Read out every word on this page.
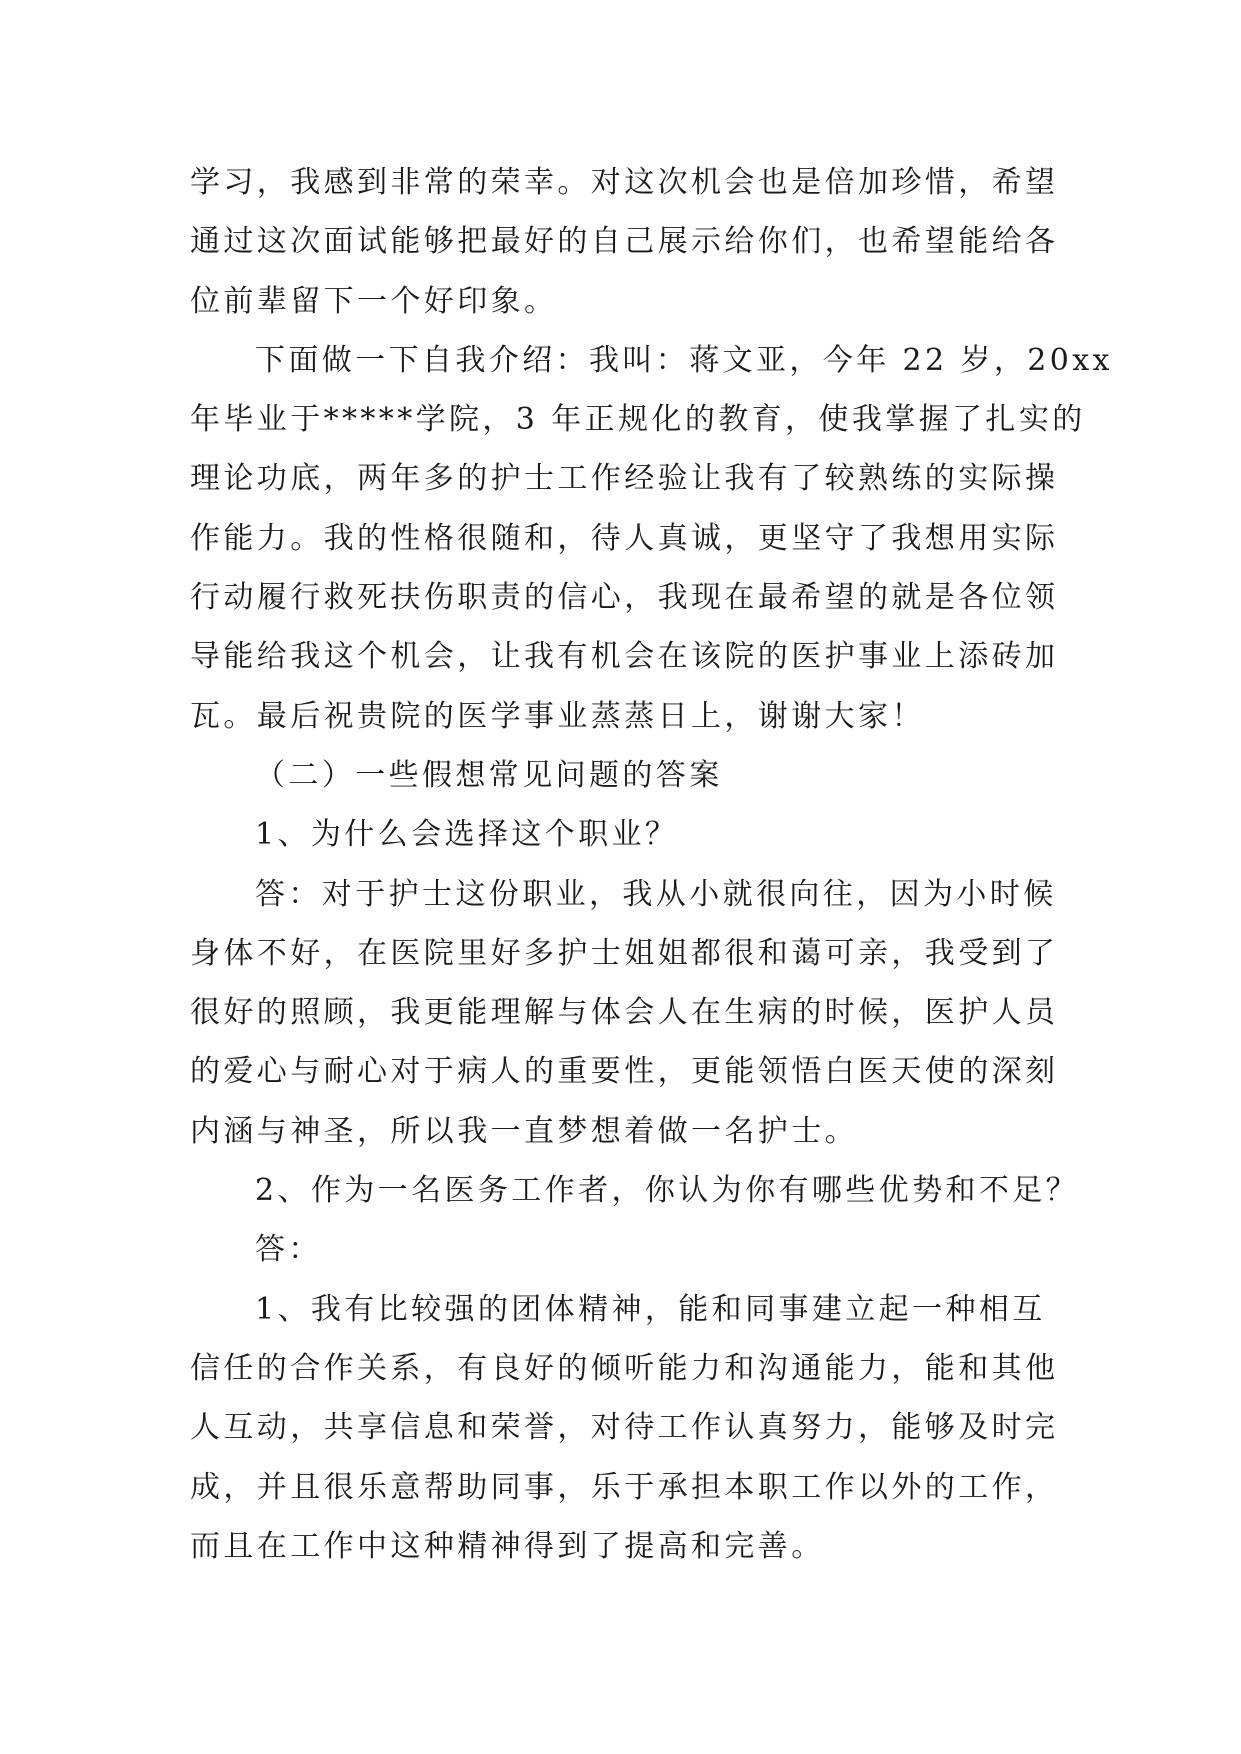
学习，我感到非常的荣幸。对这次机会也是倍加珍惜，希望
通过这次面试能够把最好的自己展示给你们，也希望能给各
位前辈留下一个好印象。
下面做一下自我介绍：我叫：蒋文亚，今年 22 岁，20xx
年毕业于*****学院，3 年正规化的教育，使我掌握了扎实的
理论功底，两年多的护士工作经验让我有了较熟练的实际操
作能力。我的性格很随和，待人真诚，更坚守了我想用实际
行动履行救死扶伤职责的信心，我现在最希望的就是各位领
导能给我这个机会，让我有机会在该院的医护事业上添砖加
瓦。最后祝贵院的医学事业蒸蒸日上，谢谢大家！
（二）一些假想常见问题的答案
1、为什么会选择这个职业？
答：对于护士这份职业，我从小就很向往，因为小时候
身体不好，在医院里好多护士姐姐都很和蔼可亲，我受到了
很好的照顾，我更能理解与体会人在生病的时候，医护人员
的爱心与耐心对于病人的重要性，更能领悟白医天使的深刻
内涵与神圣，所以我一直梦想着做一名护士。
2、作为一名医务工作者，你认为你有哪些优势和不足？
答：
1、我有比较强的团体精神，能和同事建立起一种相互
信任的合作关系，有良好的倾听能力和沟通能力，能和其他
人互动，共享信息和荣誉，对待工作认真努力，能够及时完
成，并且很乐意帮助同事，乐于承担本职工作以外的工作，
而且在工作中这种精神得到了提高和完善。
